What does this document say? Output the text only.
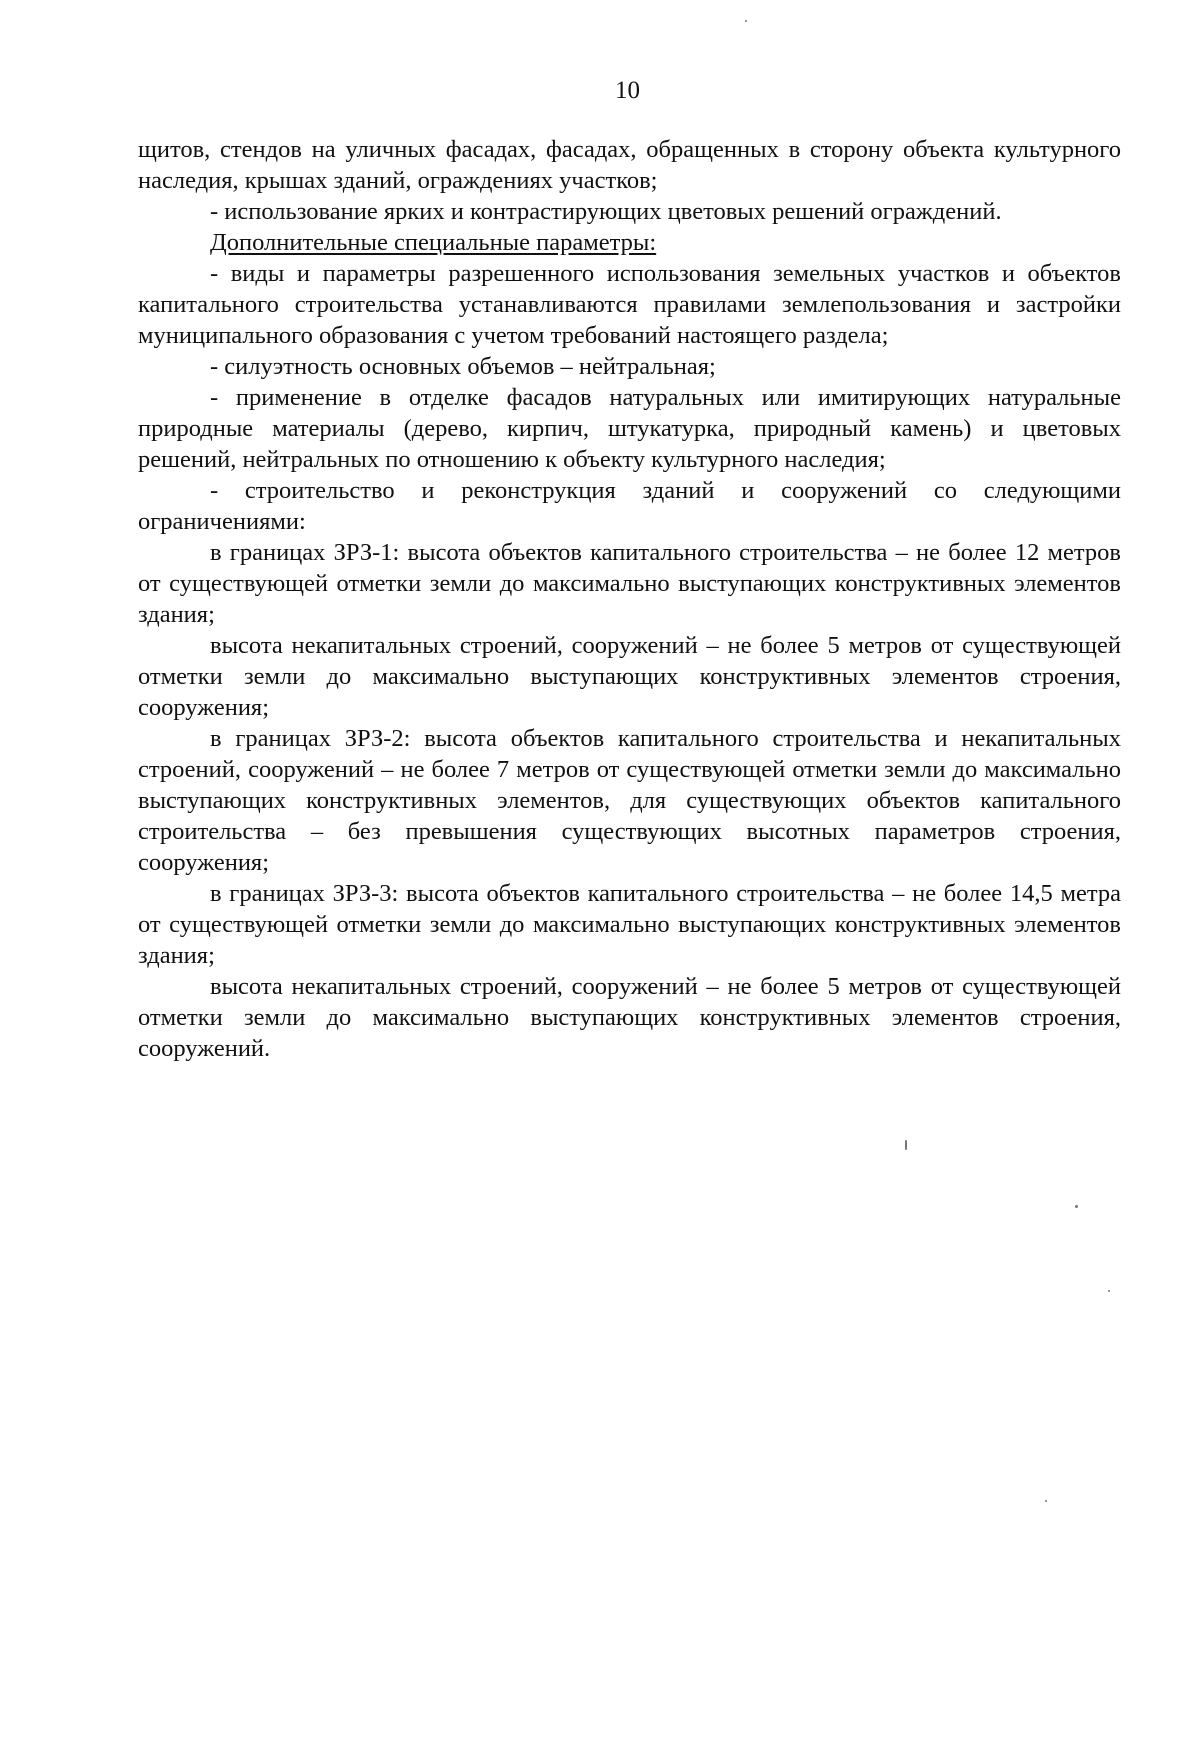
10

щитов, стендов на уличных фасадах, фасадах, обращенных в сторону объекта культурного наследия, крышах зданий, ограждениях участков;

- использование ярких и контрастирующих цветовых решений ограждений.

Дополнительные специальные параметры:

- виды и параметры разрешенного использования земельных участков и объектов капитального строительства устанавливаются правилами землепользования и застройки муниципального образования с учетом требований настоящего раздела;

- силуэтность основных объемов – нейтральная;

- применение в отделке фасадов натуральных или имитирующих натуральные природные материалы (дерево, кирпич, штукатурка, природный камень) и цветовых решений, нейтральных по отношению к объекту культурного наследия;

- строительство и реконструкция зданий и сооружений со следующими ограничениями:

в границах ЗРЗ-1: высота объектов капитального строительства – не более 12 метров от существующей отметки земли до максимально выступающих конструктивных элементов здания;

высота некапитальных строений, сооружений – не более 5 метров от существующей отметки земли до максимально выступающих конструктивных элементов строения, сооружения;

в границах ЗРЗ-2: высота объектов капитального строительства и некапитальных строений, сооружений – не более 7 метров от существующей отметки земли до максимально выступающих конструктивных элементов, для существующих объектов капитального строительства – без превышения существующих высотных параметров строения, сооружения;

в границах ЗРЗ-3: высота объектов капитального строительства – не более 14,5 метра от существующей отметки земли до максимально выступающих конструктивных элементов здания;

высота некапитальных строений, сооружений – не более 5 метров от существующей отметки земли до максимально выступающих конструктивных элементов строения, сооружений.
